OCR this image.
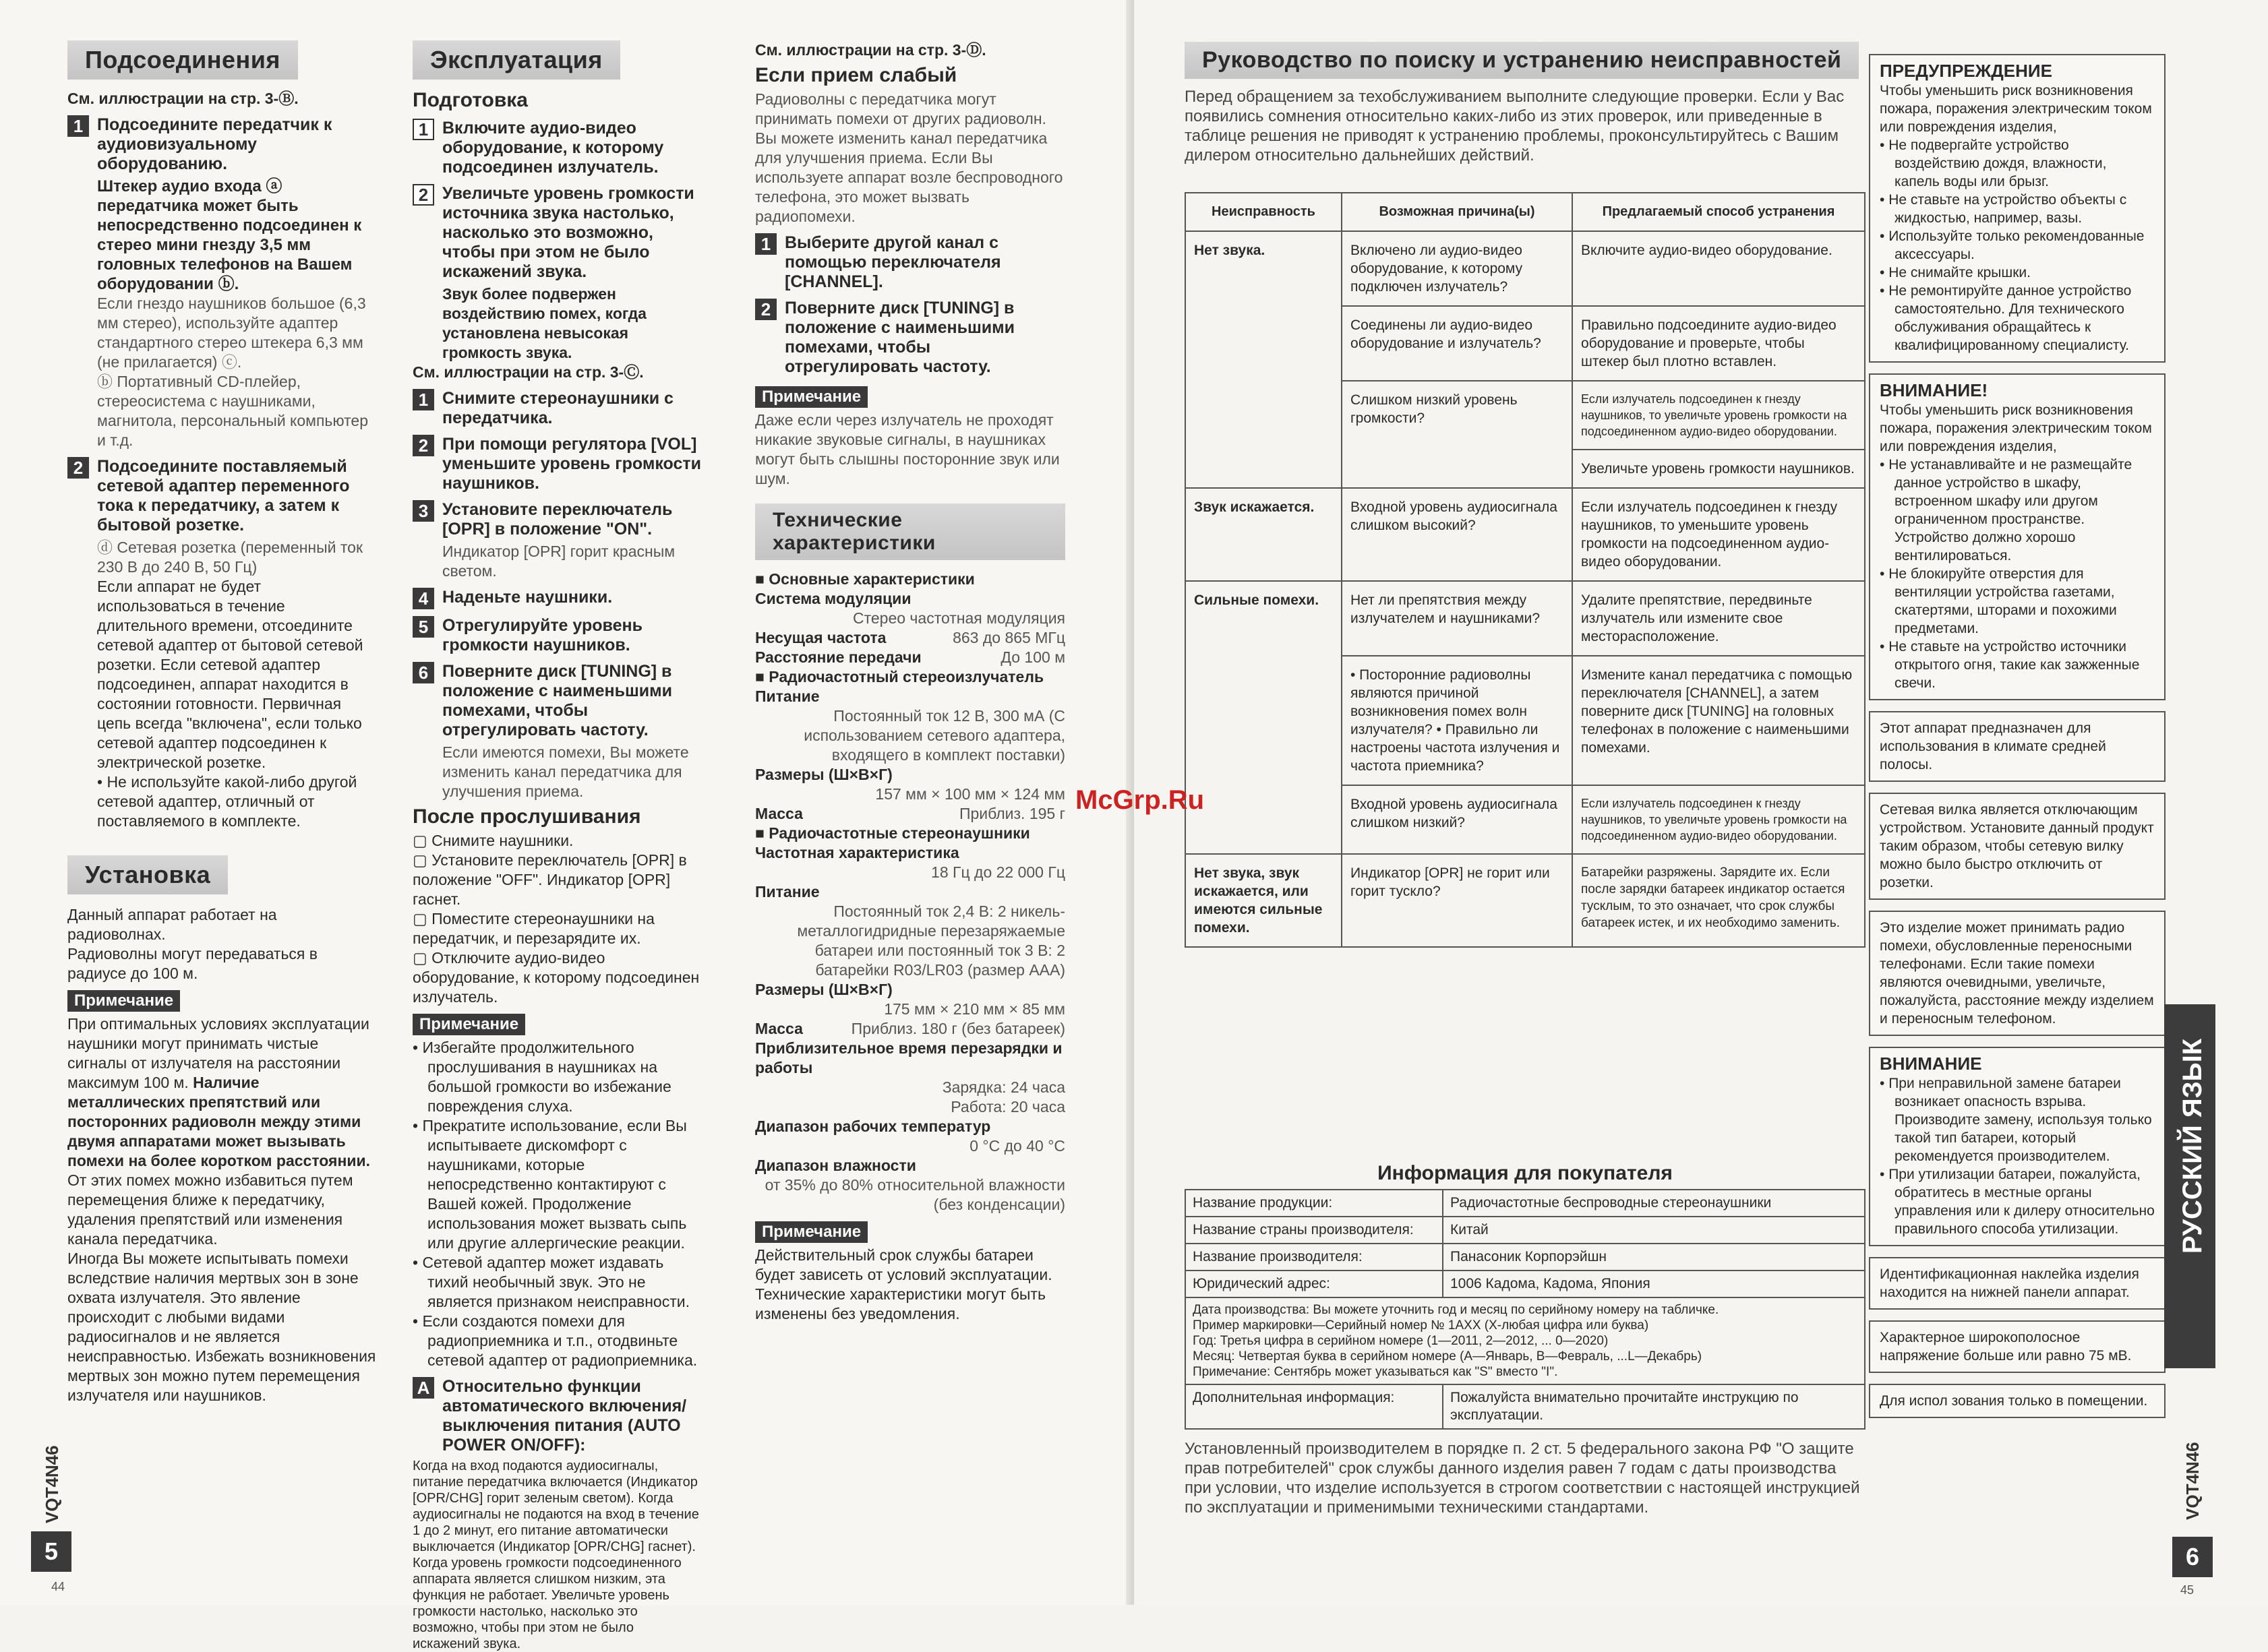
Подсоединения
См. иллюстрации на стр. 3-Ⓑ.
1 Подсоедините передатчик к аудиовизуальному оборудованию.
Штекер аудио входа ⓐ передатчика может быть непосредственно подсоединен к стерео мини гнезду 3,5 мм головных телефонов на Вашем оборудовании ⓑ.
Если гнездо наушников большое (6,3 мм стерео), используйте адаптер стандартного стерео штекера 6,3 мм (не прилагается) ⓒ.
ⓑ Портативный CD-плейер, стереосистема с наушниками, магнитола, персональный компьютер и т.д.
2 Подсоедините поставляемый сетевой адаптер переменного тока к передатчику, а затем к бытовой розетке.
ⓓ Сетевая розетка (переменный ток 230 В до 240 В, 50 Гц)
Если аппарат не будет использоваться в течение длительного времени, отсоедините сетевой адаптер от бытовой сетевой розетки. Если сетевой адаптер подсоединен, аппарат находится в состоянии готовности. Первичная цепь всегда "включена", если только сетевой адаптер подсоединен к электрической розетке.
• Не используйте какой-либо другой сетевой адаптер, отличный от поставляемого в комплекте.
Установка
Данный аппарат работает на радиоволнах.
Радиоволны могут передаваться в радиусе до 100 м.
Примечание
При оптимальных условиях эксплуатации наушники могут принимать чистые сигналы от излучателя на расстоянии максимум 100 м. Наличие металлических препятствий или посторонних радиоволн между этими двумя аппаратами может вызывать помехи на более коротком расстоянии. От этих помех можно избавиться путем перемещения ближе к передатчику, удаления препятствий или изменения канала передатчика.
Иногда Вы можете испытывать помехи вследствие наличия мертвых зон в зоне охвата излучателя. Это явление происходит с любыми видами радиосигналов и не является неисправностью. Избежать возникновения мертвых зон можно путем перемещения излучателя или наушников.
Эксплуатация
Подготовка
1 Включите аудио-видео оборудование, к которому подсоединен излучатель.
2 Увеличьте уровень громкости источника звука настолько, насколько это возможно, чтобы при этом не было искажений звука.
Звук более подвержен воздействию помех, когда установлена невысокая громкость звука.
См. иллюстрации на стр. 3-Ⓒ.
1 Снимите стереонаушники с передатчика.
2 При помощи регулятора [VOL] уменьшите уровень громкости наушников.
3 Установите переключатель [OPR] в положение "ON".
Индикатор [OPR] горит красным светом.
4 Наденьте наушники.
5 Отрегулируйте уровень громкости наушников.
6 Поверните диск [TUNING] в положение с наименьшими помехами, чтобы отрегулировать частоту.
Если имеются помехи, Вы можете изменить канал передатчика для улучшения приема.
После прослушивания
▢ Снимите наушники.
▢ Установите переключатель [OPR] в положение "OFF". Индикатор [OPR] гаснет.
▢ Поместите стереонаушники на передатчик, и перезарядите их.
▢ Отключите аудио-видео оборудование, к которому подсоединен излучатель.
Примечание
• Избегайте продолжительного прослушивания в наушниках на большой громкости во избежание повреждения слуха.
• Прекратите использование, если Вы испытываете дискомфорт с наушниками, которые непосредственно контактируют с Вашей кожей. Продолжение использования может вызвать сыпь или другие аллергические реакции.
• Сетевой адаптер может издавать тихий необычный звук. Это не является признаком неисправности.
• Если создаются помехи для радиоприемника и т.п., отодвиньте сетевой адаптер от радиоприемника.
A Относительно функции автоматического включения/выключения питания (AUTO POWER ON/OFF):
Когда на вход подаются аудиосигналы, питание передатчика включается (Индикатор [OPR/CHG] горит зеленым светом). Когда аудиосигналы не подаются на вход в течение 1 до 2 минут, его питание автоматически выключается (Индикатор [OPR/CHG] гаснет). Когда уровень громкости подсоединенного аппарата является слишком низким, эта функция не работает. Увеличьте уровень громкости настолько, насколько это возможно, чтобы при этом не было искажений звука.
См. иллюстрации на стр. 3-Ⓓ.
Если прием слабый
Радиоволны с передатчика могут принимать помехи от других радиоволн. Вы можете изменить канал передатчика для улучшения приема. Если Вы используете аппарат возле беспроводного телефона, это может вызвать радиопомехи.
1 Выберите другой канал с помощью переключателя [CHANNEL].
2 Поверните диск [TUNING] в положение с наименьшими помехами, чтобы отрегулировать частоту.
Примечание
Даже если через излучатель не проходят никакие звуковые сигналы, в наушниках могут быть слышны посторонние звук или шум.
Технические характеристики
■ Основные характеристики
Система модуляции
Стерео частотная модуляция
Несущая частота	863 до 865 МГц
Расстояние передачи	До 100 м
■ Радиочастотный стереоизлучатель
Питание
Постоянный ток 12 В, 300 мА (С использованием сетевого адаптера, входящего в комплект поставки)
Размеры (Ш×В×Г)
157 мм × 100 мм × 124 мм
Масса	Приблиз. 195 г
■ Радиочастотные стереонаушники
Частотная характеристика
18 Гц до 22 000 Гц
Питание
Постоянный ток 2,4 В: 2 никель-металлогидридные перезаряжаемые батареи или постоянный ток 3 В: 2 батарейки R03/LR03 (размер AAA)
Размеры (Ш×В×Г)
175 мм × 210 мм × 85 мм
Масса	Приблиз. 180 г (без батареек)
Приблизительное время перезарядки и работы
Зарядка: 24 часа
Работа: 20 часа
Диапазон рабочих температур
0 °C до 40 °C
Диапазон влажности
от 35% до 80% относительной влажности (без конденсации)
Примечание
Действительный срок службы батареи будет зависеть от условий эксплуатации.
Технические характеристики могут быть изменены без уведомления.
VQT4N46
5
44
Руководство по поиску и устранению неисправностей
Перед обращением за техобслуживанием выполните следующие проверки. Если у Вас появились сомнения относительно каких-либо из этих проверок, или приведенные в таблице решения не приводят к устранению проблемы, проконсультируйтесь с Вашим дилером относительно дальнейших действий.
Неисправность	Возможная причина(ы)	Предлагаемый способ устранения
Нет звука.	Включено ли аудио-видео оборудование, к которому подключен излучатель?	Включите аудио-видео оборудование.
	Соединены ли аудио-видео оборудование и излучатель?	Правильно подсоедините аудио-видео оборудование и проверьте, чтобы штекер был плотно вставлен.
	Слишком низкий уровень громкости?	Если излучатель подсоединен к гнезду наушников, то увеличьте уровень громкости на подсоединенном аудио-видео оборудовании.
		Увеличьте уровень громкости наушников.
Звук искажается.	Входной уровень аудиосигнала слишком высокий?	Если излучатель подсоединен к гнезду наушников, то уменьшите уровень громкости на подсоединенном аудио-видео оборудовании.
Сильные помехи.	Нет ли препятствия между излучателем и наушниками?	Удалите препятствие, передвиньте излучатель или измените свое месторасположение.
	• Посторонние радиоволны являются причиной возникновения помех волн излучателя? • Правильно ли настроены частота излучения и частота приемника?	Измените канал передатчика с помощью переключателя [CHANNEL], а затем поверните диск [TUNING] на головных телефонах в положение с наименьшими помехами.
	Входной уровень аудиосигнала слишком низкий?	Если излучатель подсоединен к гнезду наушников, то увеличьте уровень громкости на подсоединенном аудио-видео оборудовании.
Нет звука, звук искажается, или имеются сильные помехи.	Индикатор [OPR] не горит или горит тускло?	Батарейки разряжены. Зарядите их. Если после зарядки батареек индикатор остается тусклым, то это означает, что срок службы батареек истек, и их необходимо заменить.
Информация для покупателя
Название продукции:	Радиочастотные беспроводные стереонаушники
Название страны производителя:	Китай
Название производителя:	Панасоник Корпорэйшн
Юридический адрес:	1006 Кадома, Кадома, Япония

Дата производства: Вы можете уточнить год и месяц по серийному номеру на табличке.
Пример маркировки—Серийный номер № 1AXX (X-любая цифра или буква)
Год: Третья цифра в серийном номере (1—2011, 2—2012, ... 0—2020)
Месяц: Четвертая буква в серийном номере (A—Январь, B—Февраль, ...L—Декабрь)
Примечание: Сентябрь может указываться как "S" вместо "I".	

Дополнительная информация:	Пожалуйста внимательно прочитайте инструкцию по эксплуатации.
Установленный производителем в порядке п. 2 ст. 5 федерального закона РФ "О защите прав потребителей" срок службы данного изделия равен 7 годам с даты производства при условии, что изделие используется в строгом соответствии с настоящей инструкцией по эксплуатации и применимыми техническими стандартами.
ПРЕДУПРЕЖДЕНИЕ
Чтобы уменьшить риск возникновения пожара, поражения электрическим током или повреждения изделия,
• Не подвергайте устройство воздействию дождя, влажности, капель воды или брызг.
• Не ставьте на устройство объекты с жидкостью, например, вазы.
• Используйте только рекомендованные аксессуары.
• Не снимайте крышки.
• Не ремонтируйте данное устройство самостоятельно. Для технического обслуживания обращайтесь к квалифицированному специалисту.
ВНИМАНИЕ!
Чтобы уменьшить риск возникновения пожара, поражения электрическим током или повреждения изделия,
• Не устанавливайте и не размещайте данное устройство в шкафу, встроенном шкафу или другом ограниченном пространстве. Устройство должно хорошо вентилироваться.
• Не блокируйте отверстия для вентиляции устройства газетами, скатертями, шторами и похожими предметами.
• Не ставьте на устройство источники открытого огня, такие как зажженные свечи.
Этот аппарат предназначен для использования в климате средней полосы.
Сетевая вилка является отключающим устройством. Установите данный продукт таким образом, чтобы сетевую вилку можно было быстро отключить от розетки.
Это изделие может принимать радио помехи, обусловленные переносными телефонами. Если такие помехи являются очевидными, увеличьте, пожалуйста, расстояние между изделием и переносным телефоном.
ВНИМАНИЕ
• При неправильной замене батареи возникает опасность взрыва. Производите замену, используя только такой тип батареи, который рекомендуется производителем.
• При утилизации батареи, пожалуйста, обратитесь в местные органы управления или к дилеру относительно правильного способа утилизации.
Идентификационная наклейка изделия находится на нижней панели аппарат.
Характерное широкополосное напряжение больше или равно 75 мВ.
Для испол зования только в помещении.
6
45
VQT4N46
РУССКИЙ ЯЗЫК
McGrp.Ru
